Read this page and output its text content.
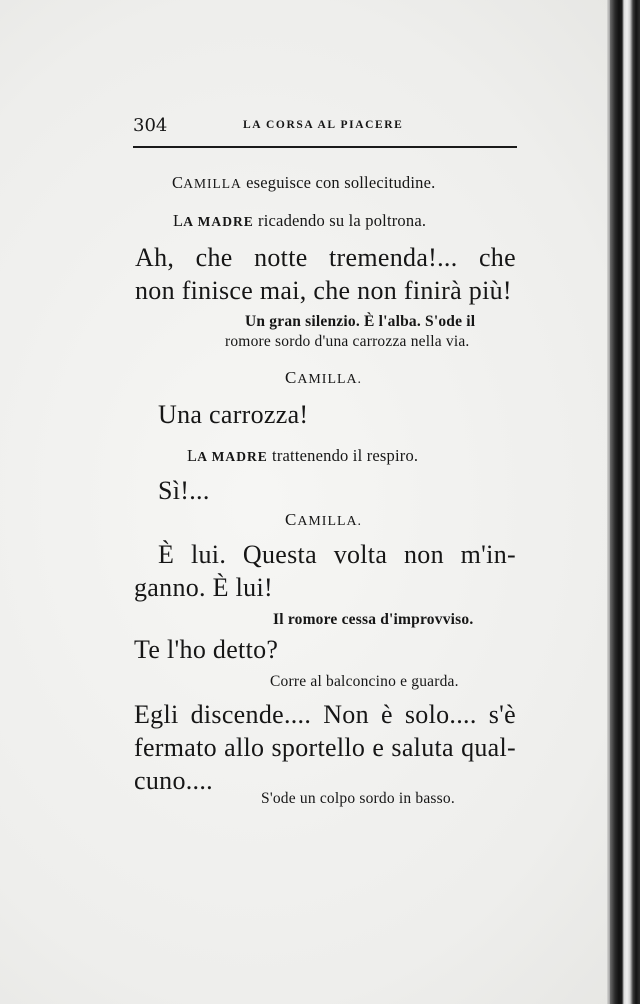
304	LA CORSA AL PIACERE
CAMILLA eseguisce con sollecitudine.
LA MADRE ricadendo su la poltrona.
Ah, che notte tremenda!... che
non finisce mai, che non finirà più!
Un gran silenzio. È l'alba. S'ode il
romore sordo d'una carrozza nella via.
CAMILLA.
Una carrozza!
LA MADRE trattenendo il respiro.
Sì!...
CAMILLA.
È lui. Questa volta non m'in-
ganno. È lui!
Il romore cessa d'improvviso.
Te l'ho detto?
Corre al balconcino e guarda.
Egli discende.... Non è solo.... s'è
fermato allo sportello e saluta qual-
cuno....
S'ode un colpo sordo in basso.
